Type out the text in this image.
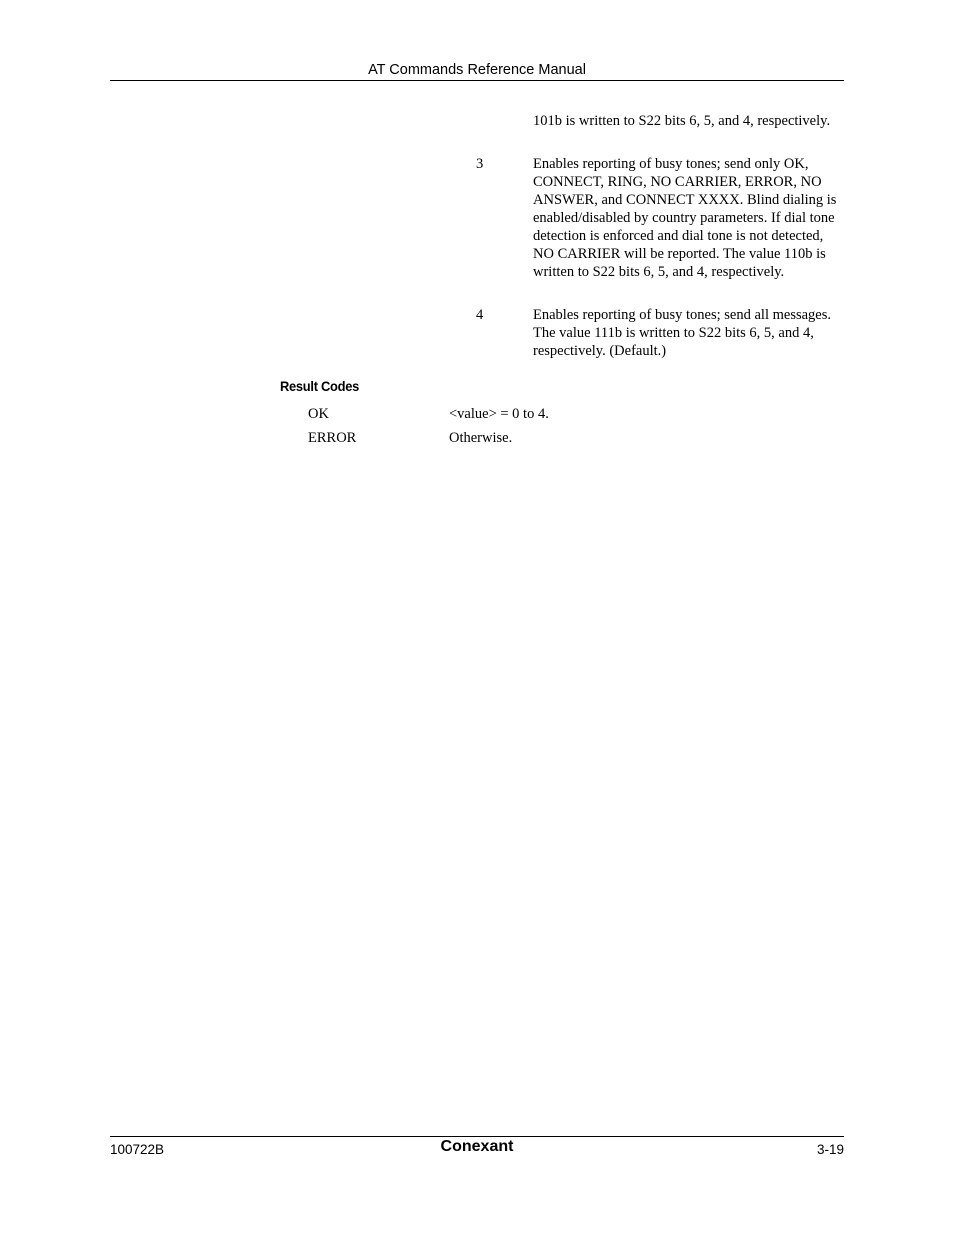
AT Commands Reference Manual
101b is written to S22 bits 6, 5, and 4, respectively.
3	Enables reporting of busy tones; send only OK, CONNECT, RING, NO CARRIER, ERROR, NO ANSWER, and CONNECT XXXX. Blind dialing is enabled/disabled by country parameters. If dial tone detection is enforced and dial tone is not detected, NO CARRIER will be reported. The value 110b is written to S22 bits 6, 5, and 4, respectively.
4	Enables reporting of busy tones; send all messages. The value 111b is written to S22 bits 6, 5, and 4, respectively. (Default.)
Result Codes
OK	<value> = 0 to 4.
ERROR	Otherwise.
100722B	Conexant	3-19
